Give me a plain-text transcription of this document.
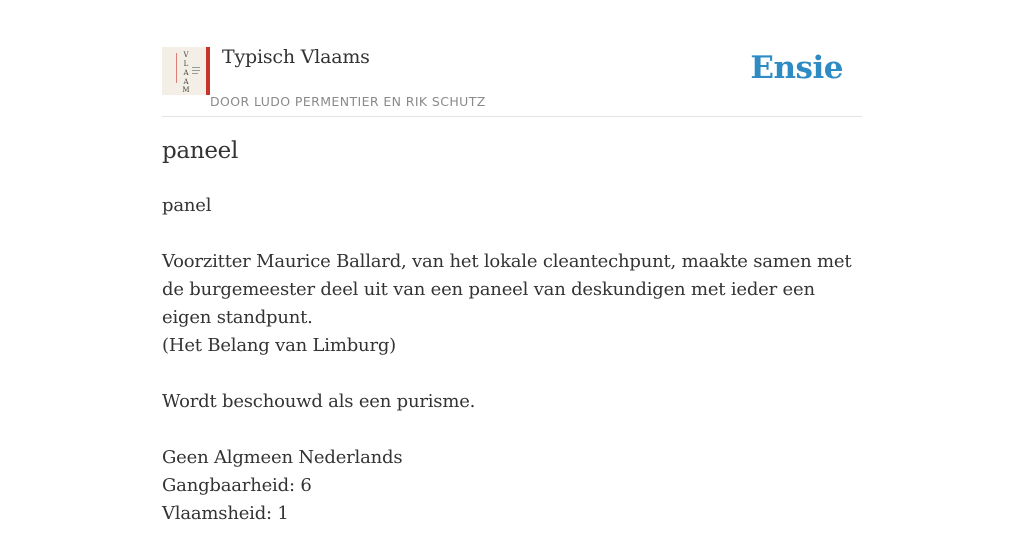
V
L
A
A
M
Typisch Vlaams
DOOR LUDO PERMENTIER EN RIK SCHUTZ
Ensie
paneel

panel

Voorzitter Maurice Ballard, van het lokale cleantechpunt, maakte samen met de burgemeester deel uit van een paneel van deskundigen met ieder een eigen standpunt.
(Het Belang van Limburg)

Wordt beschouwd als een purisme.

Geen Algmeen Nederlands
Gangbaarheid: 6
Vlaamsheid: 1
